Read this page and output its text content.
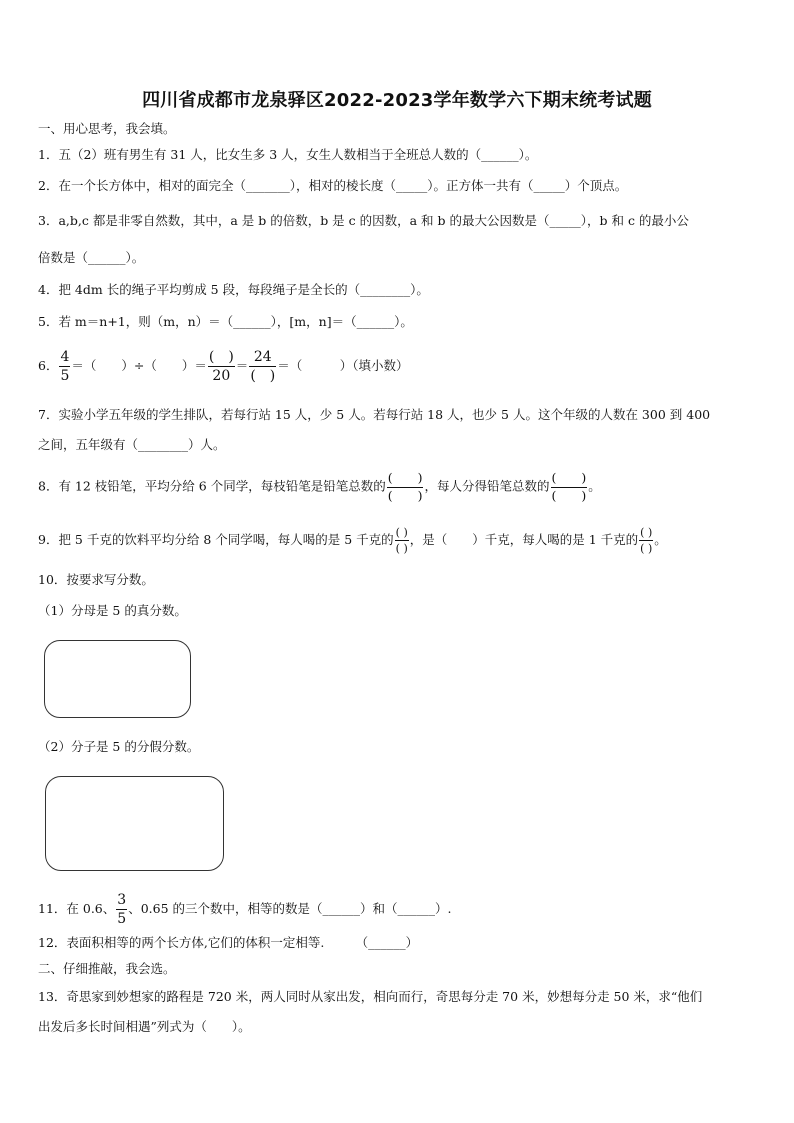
四川省成都市龙泉驿区2022-2023学年数学六下期末统考试题
一、用心思考，我会填。
1．五（2）班有男生有 31 人，比女生多 3 人，女生人数相当于全班总人数的（______）。
2．在一个长方体中，相对的面完全（_______），相对的棱长度（_____）。正方体一共有（_____）个顶点。
3．a,b,c 都是非零自然数，其中，a 是 b 的倍数，b 是 c 的因数，a 和 b 的最大公因数是（_____），b 和 c 的最小公
倍数是（______）。
4．把 4dm 长的绳子平均剪成 5 段，每段绳子是全长的（________）。
5．若 m＝n+1，则（m，n）＝（______），[m，n]＝（______）。
6． $\frac{4}{5}$ ＝（　　）÷（　　）＝ $\frac{( )}{20} = \frac{24}{( )}$ ＝（　　　）（填小数）
7．实验小学五年级的学生排队，若每行站 15 人，少 5 人。若每行站 18 人，也少 5 人。这个年级的人数在 300 到 400
之间，五年级有（________）人。
8．有 12 枝铅笔，平均分给 6 个同学，每枝铅笔是铅笔总数的 $\frac{( )}{( )}$ ，每人分得铅笔总数的 $\frac{( )}{( )}$ 。
9．把 5 千克的饮料平均分给 8 个同学喝，每人喝的是 5 千克的 $\frac{( )}{( )}$ ，是（　　）千克，每人喝的是 1 千克的 $\frac{( )}{( )}$ 。
10．按要求写分数。
（1）分母是 5 的真分数。
（2）分子是 5 的分假分数。
11．在 0.6、 $\frac{3}{5}$ 、0.65 的三个数中，相等的数是（______）和（______）.
12．表面积相等的两个长方体,它们的体积一定相等.　　　（______）
二、仔细推敲，我会选。
13．奇思家到妙想家的路程是 720 米，两人同时从家出发，相向而行，奇思每分走 70 米，妙想每分走 50 米，求“他们
出发后多长时间相遇”列式为（　　）。
